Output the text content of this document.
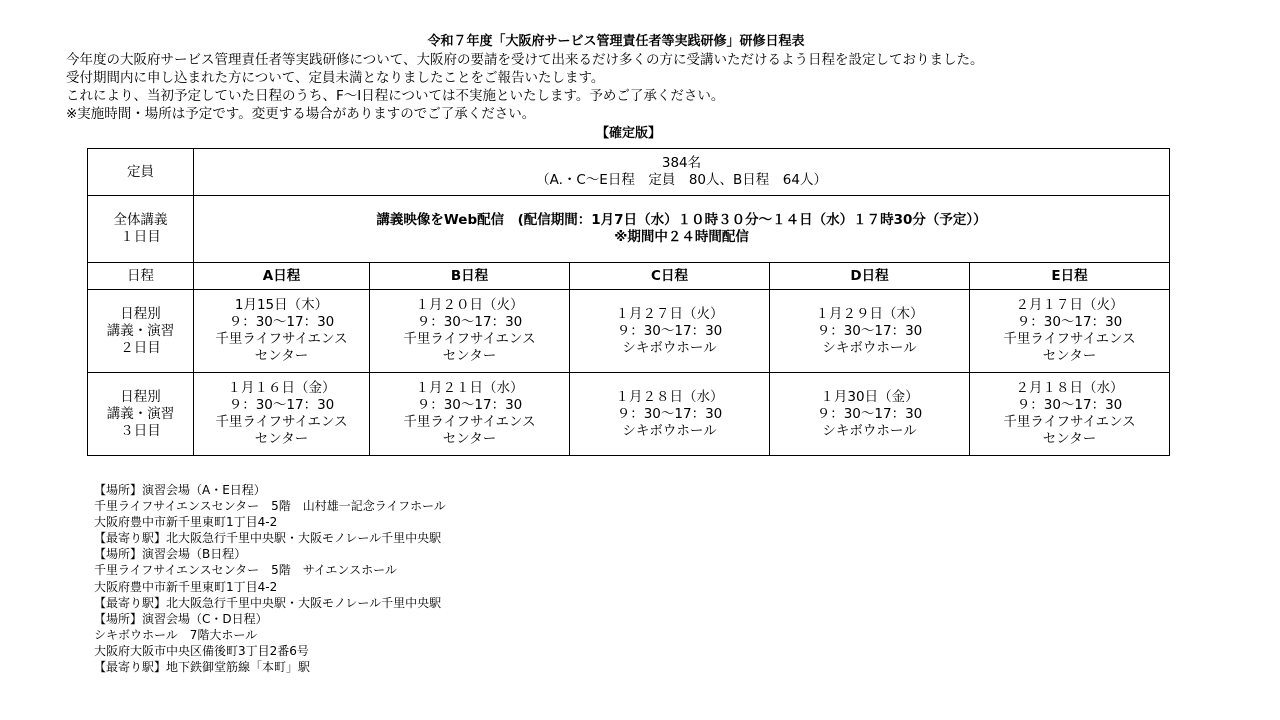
令和７年度「大阪府サービス管理責任者等実践研修」研修日程表
今年度の大阪府サービス管理責任者等実践研修について、大阪府の要請を受けて出来るだけ多くの方に受講いただけるよう日程を設定しておりました。
受付期間内に申し込まれた方について、定員未満となりましたことをご報告いたします。
これにより、当初予定していた日程のうち、F〜I日程については不実施といたします。予めご了承ください。
※実施時間・場所は予定です。変更する場合がありますのでご了承ください。
【確定版】
定員	384名
（A.・C〜E日程　定員　80人、B日程　64人）				

全体講義
１日目	講義映像をWeb配信　(配信期間：1月7日（水）１０時３０分〜１４日（水）１７時30分（予定））
※期間中２４時間配信				

日程	A日程	B日程	C日程	D日程	E日程

日程別
講義・演習
２日目	1月15日（木）
９：30〜17：30
千里ライフサイエンス
センター	１月２０日（火）
９：30〜17：30
千里ライフサイエンス
センター	１月２７日（火）
９：30〜17：30
シキボウホール	１月２９日（木）
９：30〜17：30
シキボウホール	２月１７日（火）
９：30〜17：30
千里ライフサイエンス
センター

日程別
講義・演習
３日目	１月１６日（金）
９：30〜17：30
千里ライフサイエンス
センター	１月２１日（水）
９：30〜17：30
千里ライフサイエンス
センター	１月２８日（水）
９：30〜17：30
シキボウホール	１月30日（金）
９：30〜17：30
シキボウホール	２月１８日（水）
９：30〜17：30
千里ライフサイエンス
センター
【場所】演習会場（A・E日程）
千里ライフサイエンスセンター　5階　山村雄一記念ライフホール
大阪府豊中市新千里東町1丁目4-2
【最寄り駅】北大阪急行千里中央駅・大阪モノレール千里中央駅
【場所】演習会場（B日程）
千里ライフサイエンスセンター　5階　サイエンスホール
大阪府豊中市新千里東町1丁目4-2
【最寄り駅】北大阪急行千里中央駅・大阪モノレール千里中央駅
【場所】演習会場（C・D日程）
シキボウホール　7階大ホール
大阪府大阪市中央区備後町3丁目2番6号
【最寄り駅】地下鉄御堂筋線「本町」駅
